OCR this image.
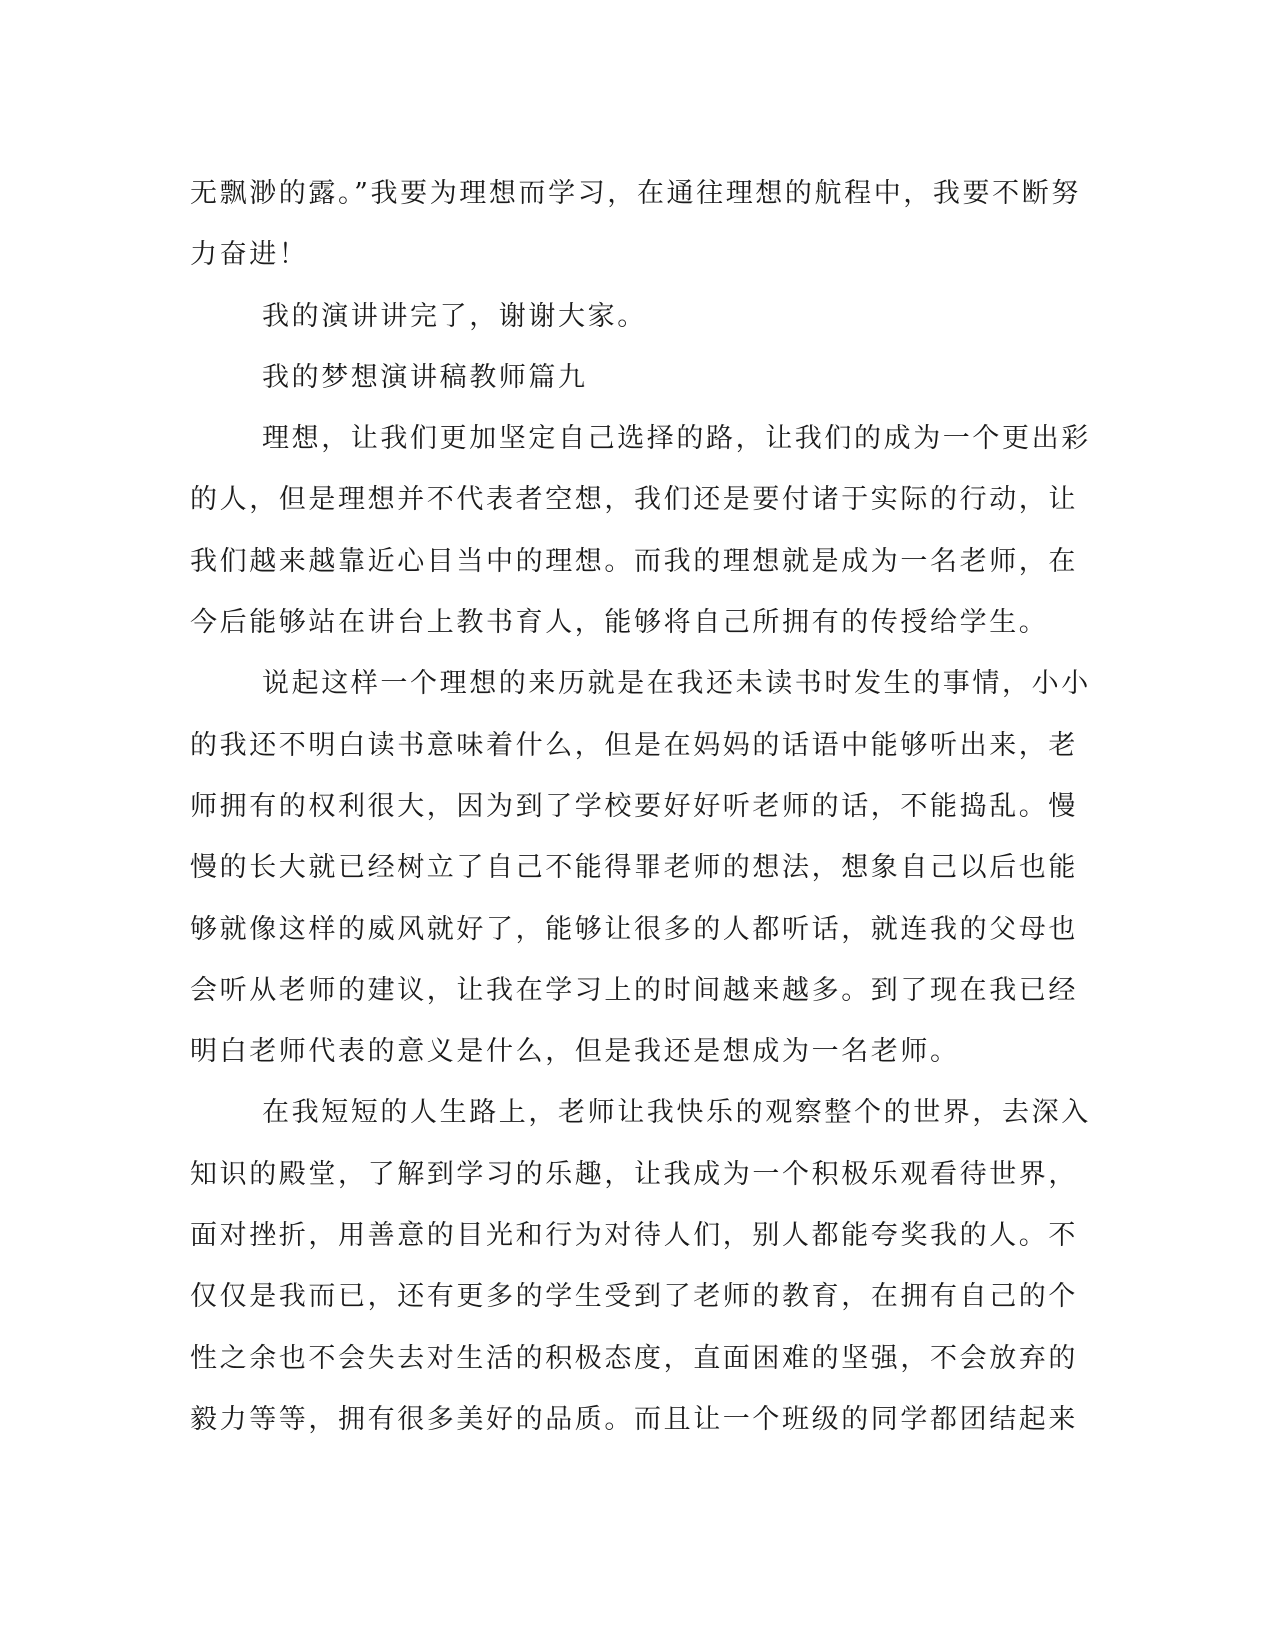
无飘渺的露。”我要为理想而学习，在通往理想的航程中，我要不断努
力奋进！
我的演讲讲完了，谢谢大家。
我的梦想演讲稿教师篇九
理想，让我们更加坚定自己选择的路，让我们的成为一个更出彩
的人，但是理想并不代表者空想，我们还是要付诸于实际的行动，让
我们越来越靠近心目当中的理想。而我的理想就是成为一名老师，在
今后能够站在讲台上教书育人，能够将自己所拥有的传授给学生。
说起这样一个理想的来历就是在我还未读书时发生的事情，小小
的我还不明白读书意味着什么，但是在妈妈的话语中能够听出来，老
师拥有的权利很大，因为到了学校要好好听老师的话，不能捣乱。慢
慢的长大就已经树立了自己不能得罪老师的想法，想象自己以后也能
够就像这样的威风就好了，能够让很多的人都听话，就连我的父母也
会听从老师的建议，让我在学习上的时间越来越多。到了现在我已经
明白老师代表的意义是什么，但是我还是想成为一名老师。
在我短短的人生路上，老师让我快乐的观察整个的世界，去深入
知识的殿堂，了解到学习的乐趣，让我成为一个积极乐观看待世界，
面对挫折，用善意的目光和行为对待人们，别人都能夸奖我的人。不
仅仅是我而已，还有更多的学生受到了老师的教育，在拥有自己的个
性之余也不会失去对生活的积极态度，直面困难的坚强，不会放弃的
毅力等等，拥有很多美好的品质。而且让一个班级的同学都团结起来
